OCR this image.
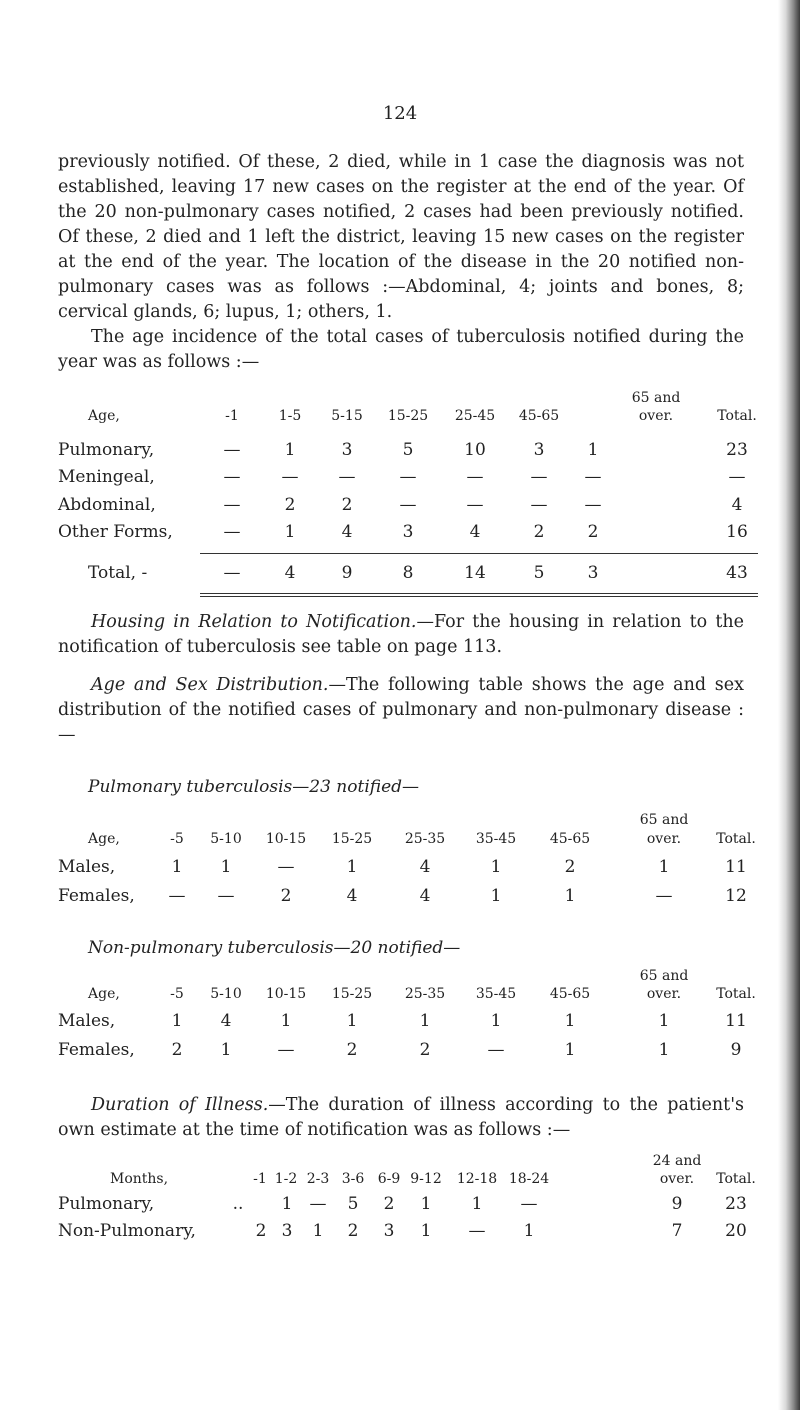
124

previously notified. Of these, 2 died, while in 1 case the diagnosis was not established, leaving 17 new cases on the register at the end of the year. Of the 20 non-pulmonary cases notified, 2 cases had been previously notified. Of these, 2 died and 1 left the district, leaving 15 new cases on the register at the end of the year. The location of the disease in the 20 notified non-pulmonary cases was as follows :—Abdominal, 4; joints and bones, 8; cervical glands, 6; lupus, 1; others, 1.

The age incidence of the total cases of tuberculosis notified during the year was as follows :—

65 and
Age,	-1	1-5 5-15 15-25 25-45 45-65	over.	Total.
Pulmonary,	—	1	3	5	10	3	1	23
Meningeal,	— — —	—	—	— —	—
Abdominal,	—	2	2	—	—	— —	4
Other Forms,	—	1	4	3	4	2	2	16
Total, -	—	4	9	8	14	5	3	43

Housing in Relation to Notification.—For the housing in relation to the notification of tuberculosis see table on page 113.

Age and Sex Distribution.—The following table shows the age and sex distribution of the notified cases of pulmonary and non-pulmonary disease :—

Pulmonary tuberculosis—23 notified—
65 and
Age,	-5 5-10 10-15 15-25 25-35 35-45 45-65	over.	Total.
Males,	1 1	—	1	4	1	2	1	11
Females, — —	2	4	4	1	1	—	12
Non-pulmonary tuberculosis—20 notified—
65 and
Age,	-5 5-10 10-15 15-25 25-35 35-45 45-65	over.	Total.
Males,	1 4	1	1	1	1	1	1	11
Females, 2 1	—	2	2	—	1	1	9

Duration of Illness.—The duration of illness according to the patient's own estimate at the time of notification was as follows :—

24 and
Months,	-1 1-2 2-3 3-6 6-9 9-12 12-18 18-24	over. Total.
Pulmonary,	.. 1 — 5 2 1 1 —	9	23
Non-Pulmonary,	2 3 1 2 3 1 — 1	7	20
